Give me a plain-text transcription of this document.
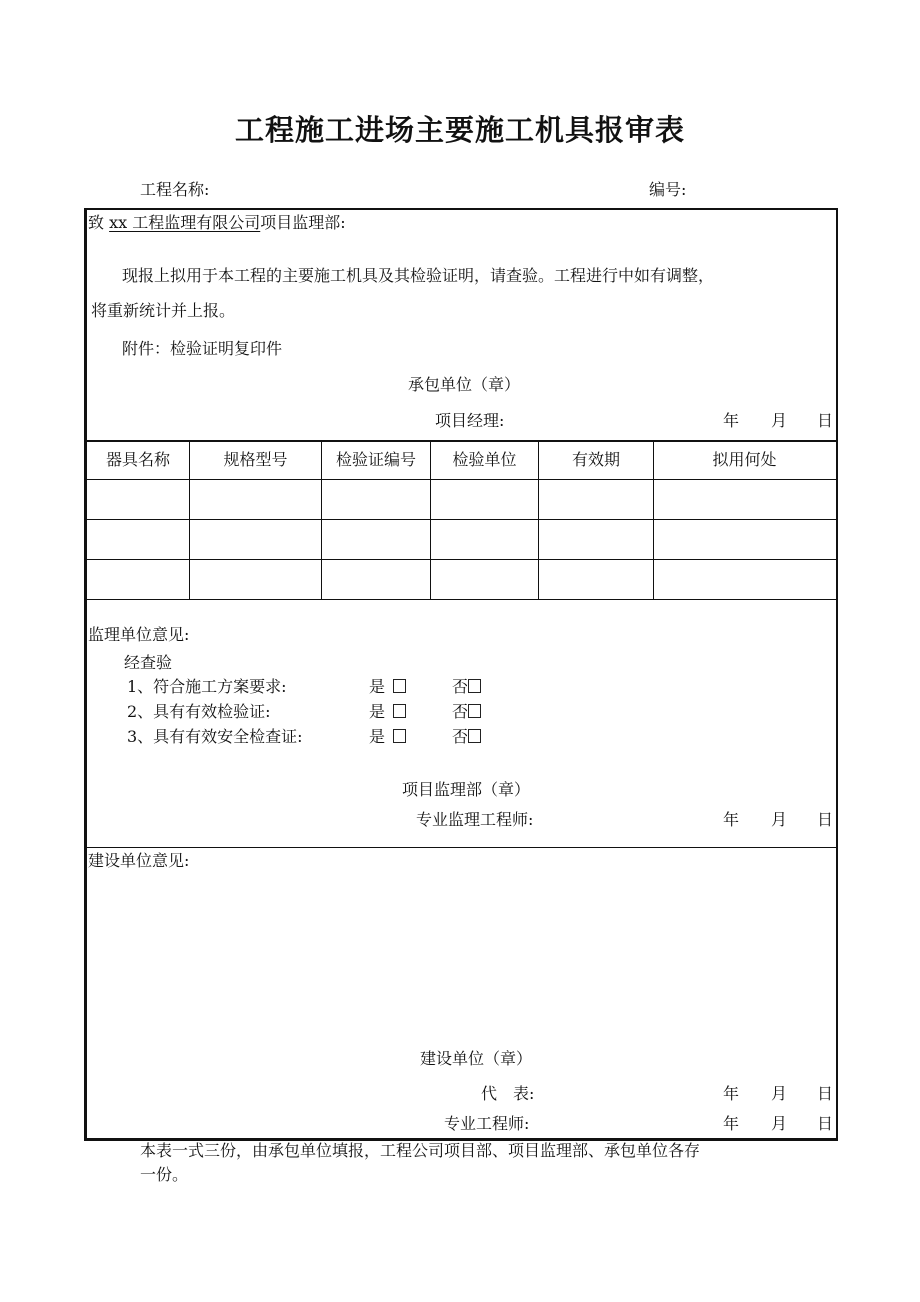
工程施工进场主要施工机具报审表
工程名称:	编号:
致 xx 工程监理有限公司项目监理部:
现报上拟用于本工程的主要施工机具及其检验证明，请查验。工程进行中如有调整，
将重新统计并上报。
附件：检验证明复印件
承包单位（章）
项目经理:	年 月 日
器具名称	规格型号	检验证编号	检验单位	有效期	拟用何处
监理单位意见:
经查验
1、符合施工方案要求:	是	否
2、具有有效检验证:	是	否
3、具有有效安全检查证:	是	否
项目监理部（章）
专业监理工程师:	年 月 日
建设单位意见:
建设单位（章）
代　表:	年 月 日
专业工程师:	年 月 日
本表一式三份，由承包单位填报，工程公司项目部、项目监理部、承包单位各存
一份。
